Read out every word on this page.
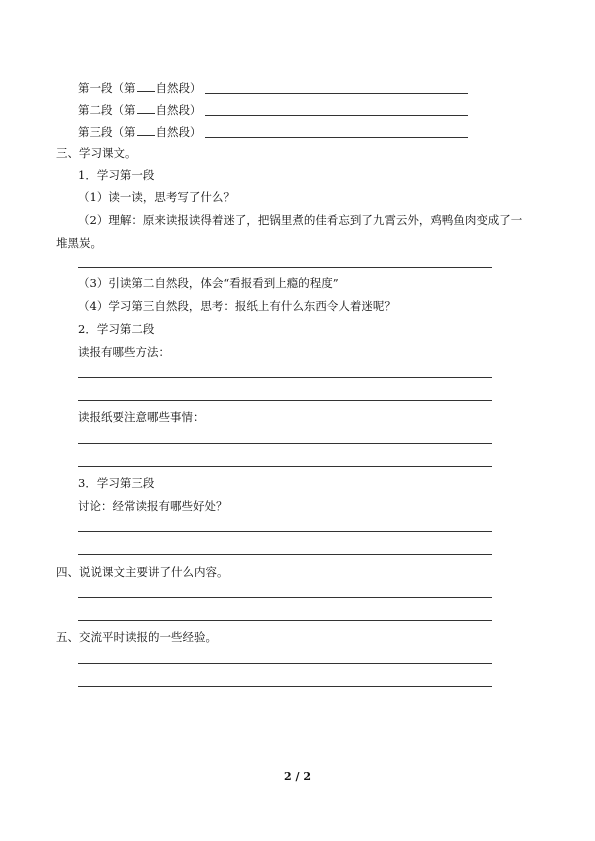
第一段（第 自然段）
第二段（第 自然段）
第三段（第 自然段）
三、学习课文。
1．学习第一段
（1）读一读，思考写了什么？
（2）理解：原来读报读得着迷了，把锅里煮的佳肴忘到了九霄云外，鸡鸭鱼肉变成了一
堆黑炭。
（3）引读第二自然段，体会“看报看到上瘾的程度”
（4）学习第三自然段，思考：报纸上有什么东西令人着迷呢？
2．学习第二段
读报有哪些方法：
读报纸要注意哪些事情：
3．学习第三段
讨论：经常读报有哪些好处？
四、说说课文主要讲了什么内容。
五、交流平时读报的一些经验。
2 / 2
